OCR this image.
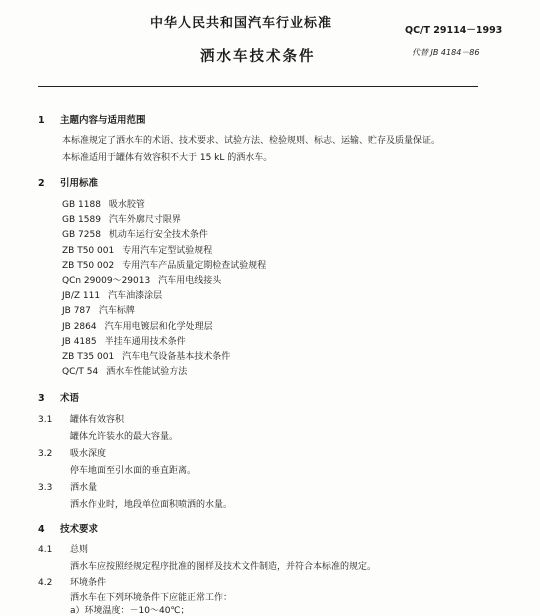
中华人民共和国汽车行业标准	QC/T 29114－1993
洒水车技术条件	代替 JB 4184－86
1 主题内容与适用范围
本标准规定了洒水车的术语、技术要求、试验方法、检验规则、标志、运输、贮存及质量保证。
本标准适用于罐体有效容积不大于 15 kL 的洒水车。
2 引用标准
GB 1188 吸水胶管
GB 1589 汽车外廓尺寸限界
GB 7258 机动车运行安全技术条件
ZB T50 001 专用汽车定型试验规程
ZB T50 002 专用汽车产品质量定期检查试验规程
QCn 29009～29013 汽车用电线接头
JB/Z 111 汽车油漆涂层
JB 787 汽车标牌
JB 2864 汽车用电镀层和化学处理层
JB 4185 半挂车通用技术条件
ZB T35 001 汽车电气设备基本技术条件
QC/T 54 洒水车性能试验方法
3 术语
3.1 罐体有效容积
罐体允许装水的最大容量。
3.2 吸水深度
停车地面至引水面的垂直距离。
3.3 洒水量
洒水作业时，地段单位面积喷洒的水量。
4 技术要求
4.1 总则
洒水车应按照经规定程序批准的图样及技术文件制造，并符合本标准的规定。
4.2 环境条件
洒水车在下列环境条件下应能正常工作：
a）环境温度：－10～40℃；
